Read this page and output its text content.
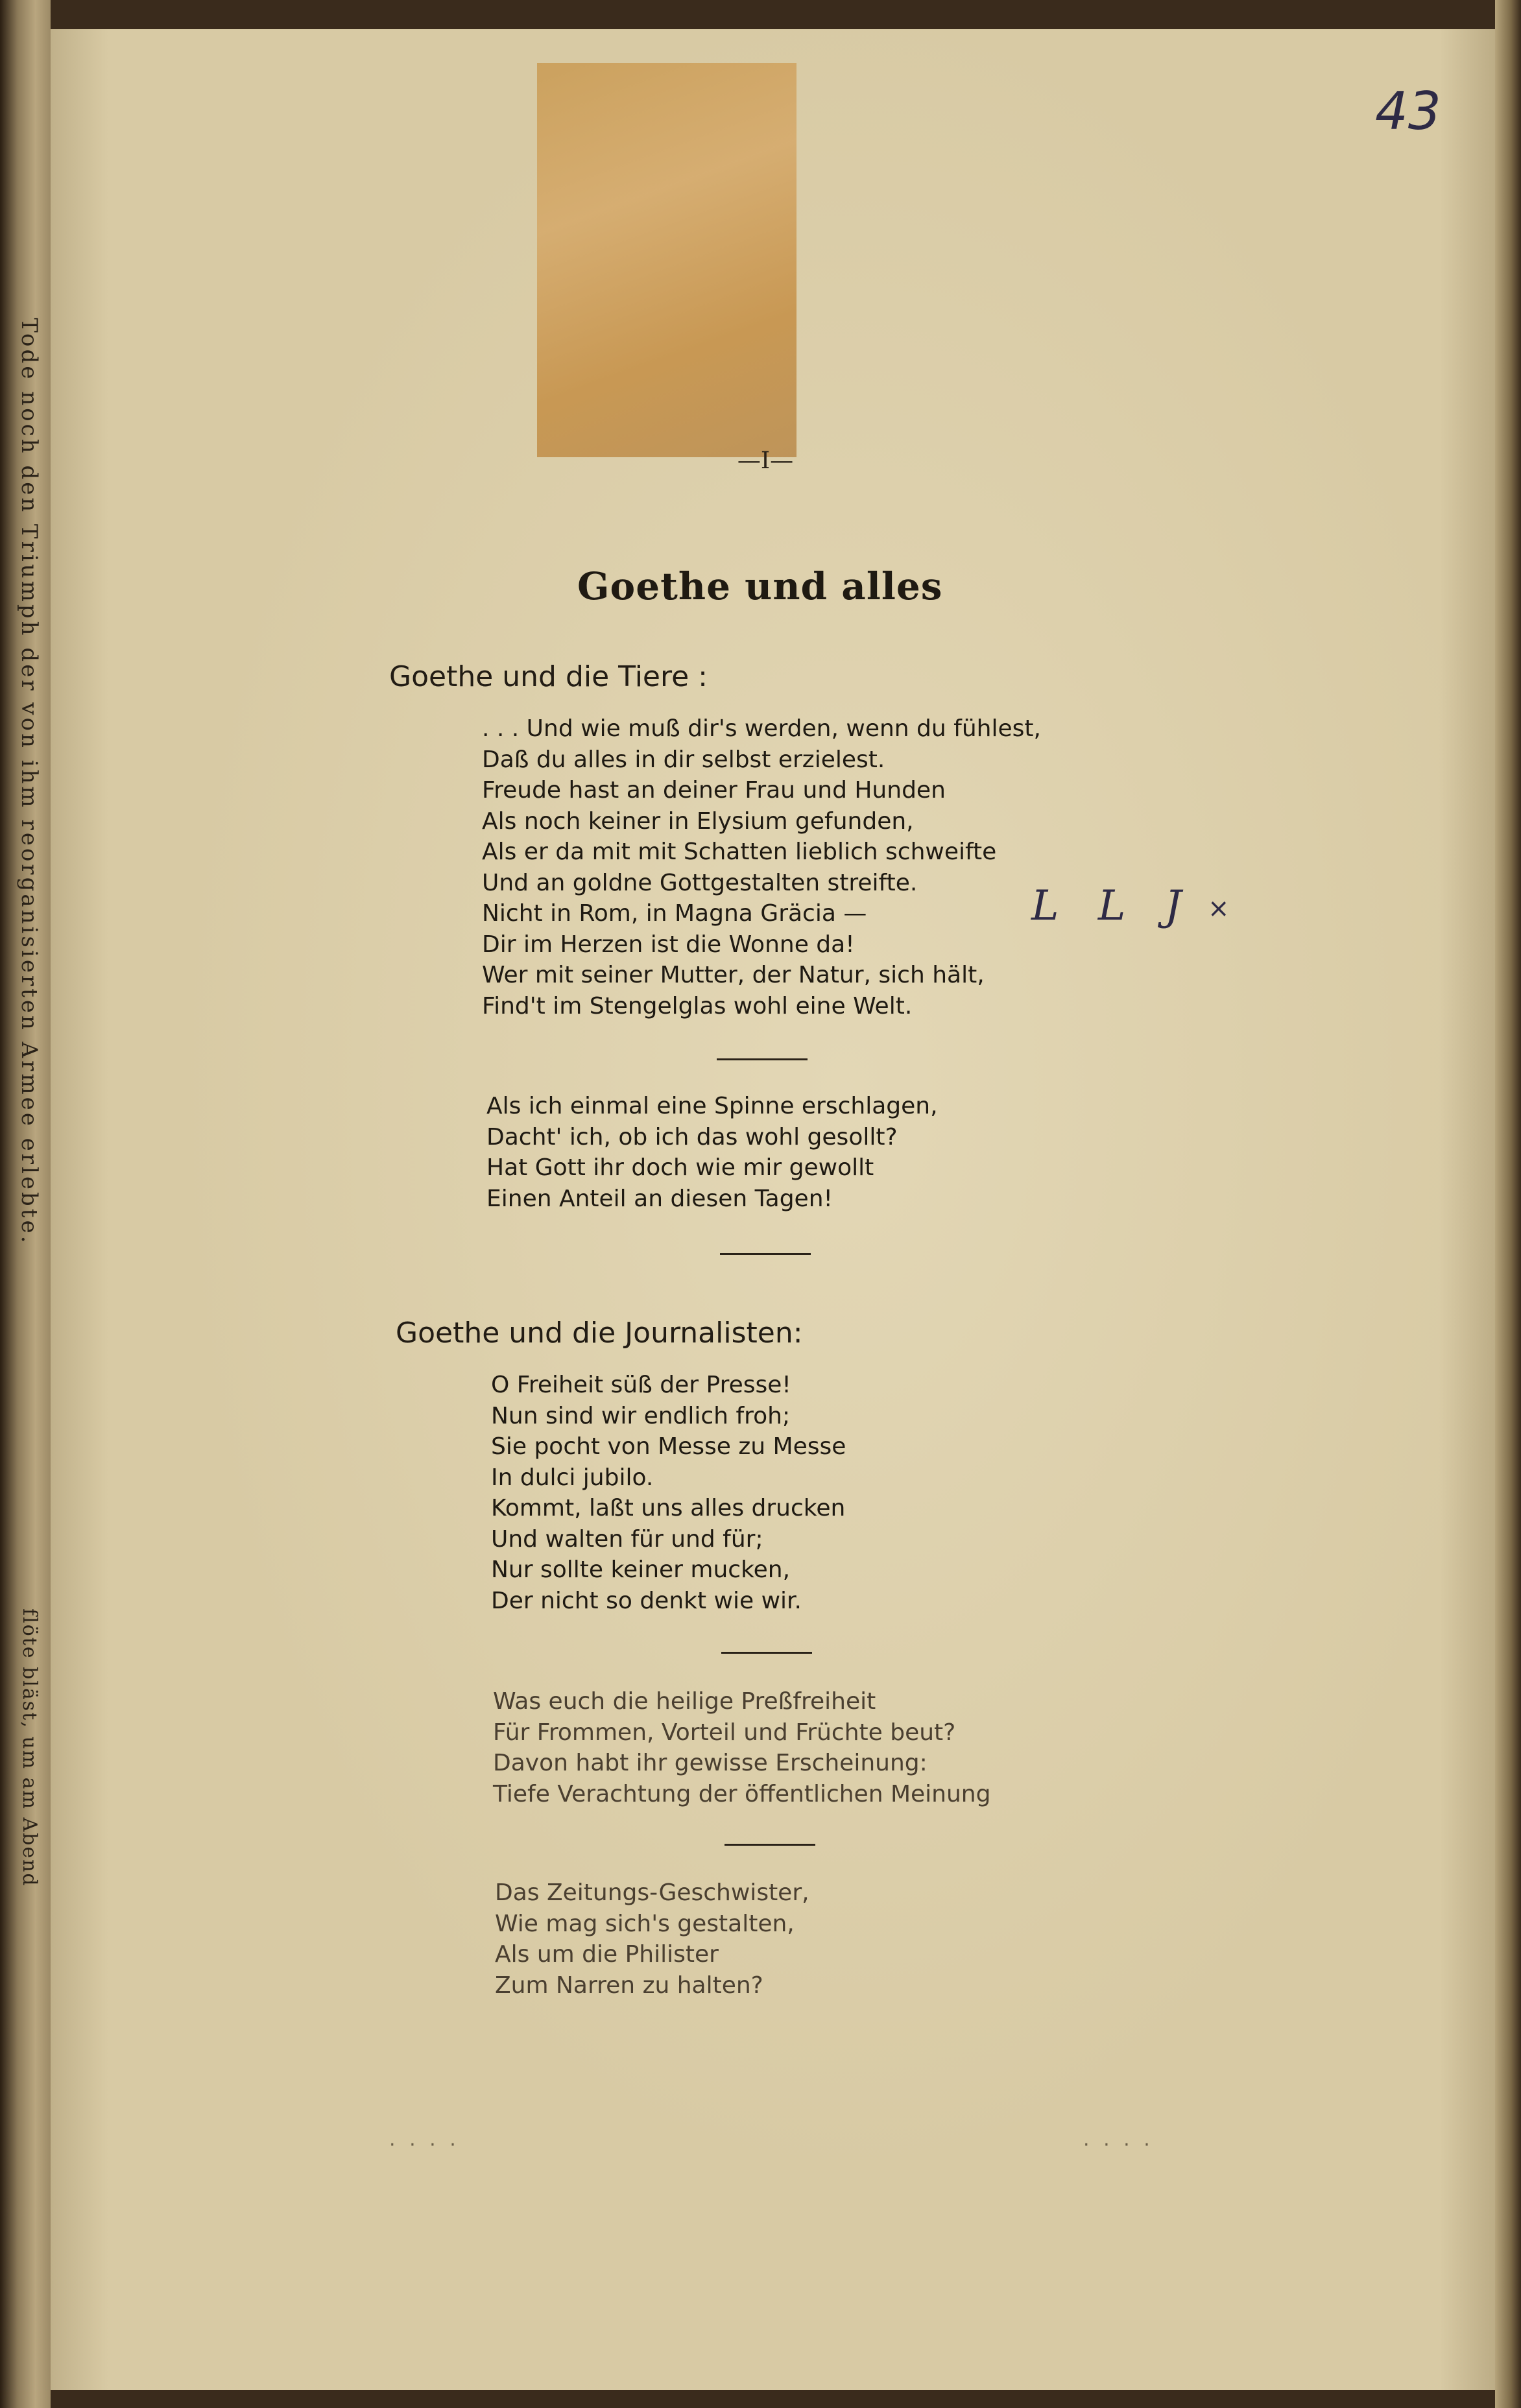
Tode noch den Triumph der von ihm reorganisierten Armee erlebte.
flöte bläst, um am Abend
—I—
43
Goethe und alles
Goethe und die Tiere :
. . . Und wie muß dir's werden, wenn du fühlest,
Daß du alles in dir selbst erzielest.
Freude hast an deiner Frau und Hunden
Als noch keiner in Elysium gefunden,
Als er da mit mit Schatten lieblich schweifte
Und an goldne Gottgestalten streifte.
Nicht in Rom, in Magna Gräcia —
Dir im Herzen ist die Wonne da!
Wer mit seiner Mutter, der Natur, sich hält,
Find't im Stengelglas wohl eine Welt.
L L J ×
Als ich einmal eine Spinne erschlagen,
Dacht' ich, ob ich das wohl gesollt?
Hat Gott ihr doch wie mir gewollt
Einen Anteil an diesen Tagen!
Goethe und die Journalisten:
O Freiheit süß der Presse!
Nun sind wir endlich froh;
Sie pocht von Messe zu Messe
In dulci jubilo.
Kommt, laßt uns alles drucken
Und walten für und für;
Nur sollte keiner mucken,
Der nicht so denkt wie wir.
Was euch die heilige Preßfreiheit
Für Frommen, Vorteil und Früchte beut?
Davon habt ihr gewisse Erscheinung:
Tiefe Verachtung der öffentlichen Meinung
Das Zeitungs-Geschwister,
Wie mag sich's gestalten,
Als um die Philister
Zum Narren zu halten?
· · · ·	· · · ·
